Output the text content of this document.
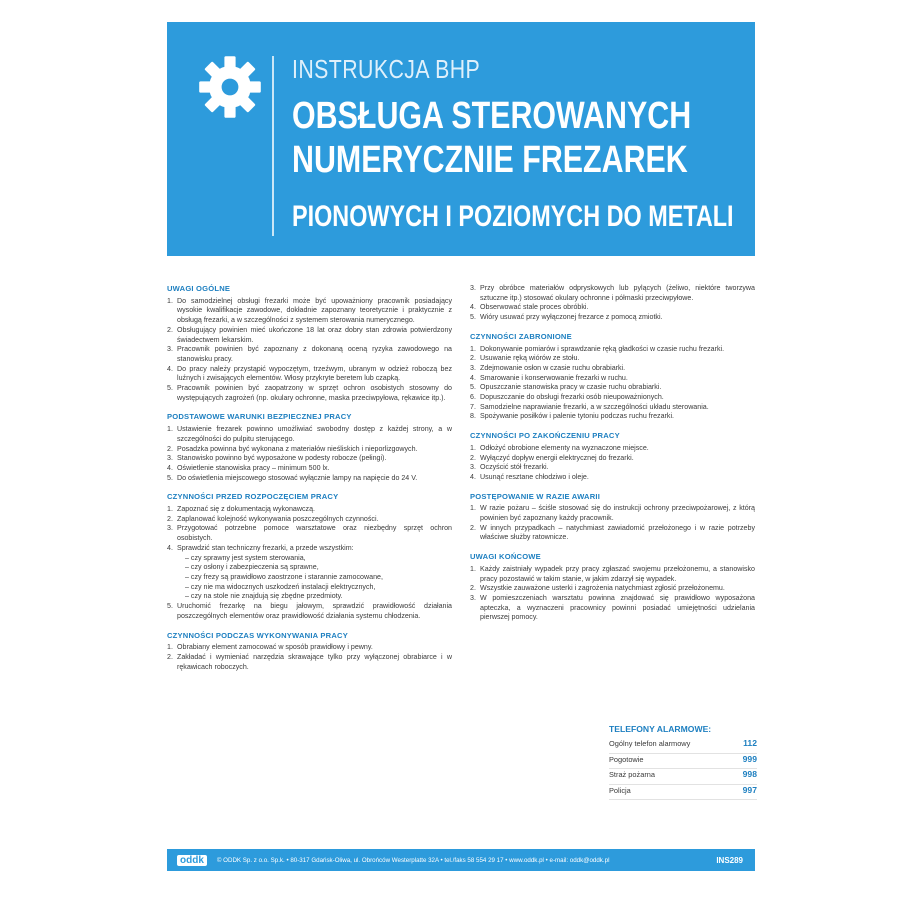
INSTRUKCJA BHP
OBSŁUGA STEROWANYCH
NUMERYCZNIE FREZAREK
PIONOWYCH I POZIOMYCH DO METALI
UWAGI OGÓLNE
1. Do samodzielnej obsługi frezarki może być upoważniony pracownik posiadający wysokie kwalifikacje zawodowe, dokładnie zapoznany teoretycznie i praktycznie z obsługą frezarki, a w szczególności z systemem sterowania numerycznego.
2. Obsługujący powinien mieć ukończone 18 lat oraz dobry stan zdrowia potwierdzony świadectwem lekarskim.
3. Pracownik powinien być zapoznany z dokonaną oceną ryzyka zawodowego na stanowisku pracy.
4. Do pracy należy przystąpić wypoczętym, trzeźwym, ubranym w odzież roboczą bez luźnych i zwisających elementów. Włosy przykryte beretem lub czapką.
5. Pracownik powinien być zaopatrzony w sprzęt ochron osobistych stosowny do występujących zagrożeń (np. okulary ochronne, maska przeciwpyłowa, rękawice itp.).
PODSTAWOWE WARUNKI BEZPIECZNEJ PRACY
1. Ustawienie frezarek powinno umożliwiać swobodny dostęp z każdej strony, a w szczególności do pulpitu sterującego.
2. Posadzka powinna być wykonana z materiałów nieśliskich i nieporlizgowych.
3. Stanowisko powinno być wyposażone w podesty robocze (pełingi).
4. Oświetlenie stanowiska pracy – minimum 500 lx.
5. Do oświetlenia miejscowego stosować wyłącznie lampy na napięcie do 24 V.
CZYNNOŚCI PRZED ROZPOCZĘCIEM PRACY
1. Zapoznać się z dokumentacją wykonawczą.
2. Zaplanować kolejność wykonywania poszczególnych czynności.
3. Przygotować potrzebne pomoce warsztatowe oraz niezbędny sprzęt ochron osobistych.
4. Sprawdzić stan techniczny frezarki, a przede wszystkim:
– czy sprawny jest system sterowania,
– czy osłony i zabezpieczenia są sprawne,
– czy frezy są prawidłowo zaostrzone i starannie zamocowane,
– czy nie ma widocznych uszkodzeń instalacji elektrycznych,
– czy na stole nie znajdują się zbędne przedmioty.
5. Uruchomić frezarkę na biegu jałowym, sprawdzić prawidłowość działania poszczególnych elementów oraz prawidłowość działania systemu chłodzenia.
CZYNNOŚCI PODCZAS WYKONYWANIA PRACY
1. Obrabiany element zamocować w sposób prawidłowy i pewny.
2. Zakładać i wymieniać narzędzia skrawające tylko przy wyłączonej obrabiarce i w rękawicach roboczych.
3. Przy obróbce materiałów odpryskowych lub pylących (żeliwo, niektóre tworzywa sztuczne itp.) stosować okulary ochronne i półmaski przeciwpyłowe.
4. Obserwować stale proces obróbki.
5. Wióry usuwać przy wyłączonej frezarce z pomocą zmiotki.
CZYNNOŚCI ZABRONIONE
1. Dokonywanie pomiarów i sprawdzanie ręką gładkości w czasie ruchu frezarki.
2. Usuwanie ręką wiórów ze stołu.
3. Zdejmowanie osłon w czasie ruchu obrabiarki.
4. Smarowanie i konserwowanie frezarki w ruchu.
5. Opuszczanie stanowiska pracy w czasie ruchu obrabiarki.
6. Dopuszczanie do obsługi frezarki osób nieupoważnionych.
7. Samodzielne naprawianie frezarki, a w szczególności układu sterowania.
8. Spożywanie posiłków i palenie tytoniu podczas ruchu frezarki.
CZYNNOŚCI PO ZAKOŃCZENIU PRACY
1. Odłożyć obrobione elementy na wyznaczone miejsce.
2. Wyłączyć dopływ energii elektrycznej do frezarki.
3. Oczyścić stół frezarki.
4. Usunąć resztane chłodziwo i oleje.
POSTĘPOWANIE W RAZIE AWARII
1. W razie pożaru – ściśle stosować się do instrukcji ochrony przeciwpożarowej, z którą powinien być zapoznany każdy pracownik.
2. W innych przypadkach – natychmiast zawiadomić przełożonego i w razie potrzeby właściwe służby ratownicze.
UWAGI KOŃCOWE
1. Każdy zaistniały wypadek przy pracy zgłaszać swojemu przełożonemu, a stanowisko pracy pozostawić w takim stanie, w jakim zdarzył się wypadek.
2. Wszystkie zauważone usterki i zagrożenia natychmiast zgłosić przełożonemu.
3. W pomieszczeniach warsztatu powinna znajdować się prawidłowo wyposażona apteczka, a wyznaczeni pracownicy powinni posiadać umiejętności udzielania pierwszej pomocy.
TELEFONY ALARMOWE:
Ogólny telefon alarmowy	112
Pogotowie	999
Straż pożarna	998
Policja	997
oddk	© ODDK Sp. z o.o. Sp.k. • 80-317 Gdańsk-Oliwa, ul. Obrońców Westerplatte 32A • tel./faks 58 554 29 17 • www.oddk.pl • e-mail: oddk@oddk.pl	INS289
